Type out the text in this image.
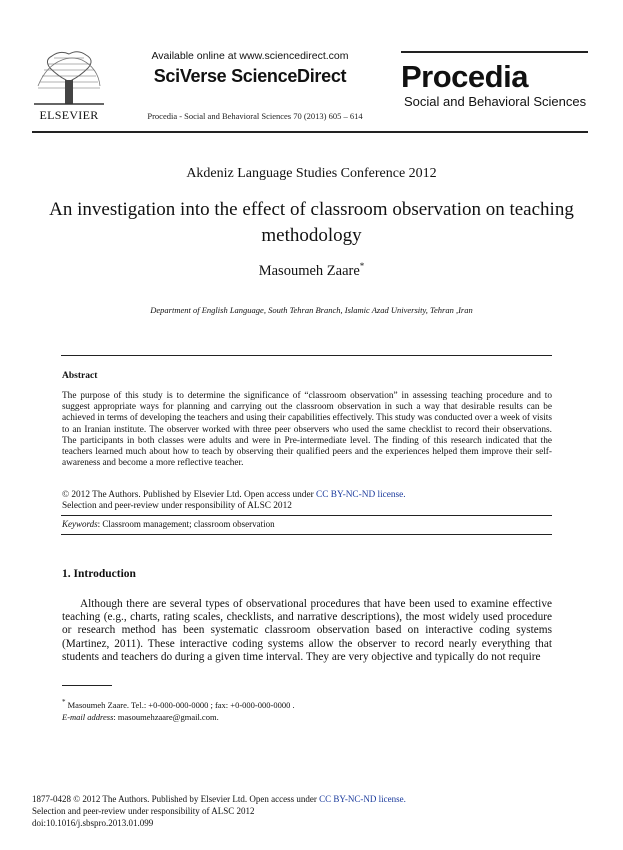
ELSEVIER
Available online at www.sciencedirect.com
SciVerse ScienceDirect
Procedia - Social and Behavioral Sciences 70 (2013) 605 – 614
Procedia
Social and Behavioral Sciences
Akdeniz Language Studies Conference 2012
An investigation into the effect of classroom observation on teaching methodology
Masoumeh Zaare*
Department of English Language, South Tehran Branch, Islamic Azad University, Tehran ,Iran
Abstract
The purpose of this study is to determine the significance of “classroom observation” in assessing teaching procedure and to suggest appropriate ways for planning and carrying out the classroom observation in such a way that desirable results can be achieved in terms of developing the teachers and using their capabilities effectively. This study was conducted over a week of visits to an Iranian institute. The observer worked with three peer observers who used the same checklist to record their observations. The participants in both classes were adults and were in Pre-intermediate level. The finding of this research indicated that the teachers learned much about how to teach by observing their qualified peers and the experiences helped them improve their self- awareness and become a more reflective teacher.
© 2012 The Authors. Published by Elsevier Ltd. Open access under CC BY-NC-ND license.
Selection and peer-review under responsibility of ALSC 2012
Keywords: Classroom management; classroom observation
1. Introduction

Although there are several types of observational procedures that have been used to examine effective teaching (e.g., charts, rating scales, checklists, and narrative descriptions), the most widely used procedure or research method has been systematic classroom observation based on interactive coding systems (Martinez, 2011). These interactive coding systems allow the observer to record nearly everything that students and teachers do during a given time interval. They are very objective and typically do not require

* Masoumeh Zaare. Tel.: +0-000-000-0000 ; fax: +0-000-000-0000 .
E-mail address: masoumehzaare@gmail.com.
1877-0428 © 2012 The Authors. Published by Elsevier Ltd. Open access under CC BY-NC-ND license.
Selection and peer-review under responsibility of ALSC 2012
doi:10.1016/j.sbspro.2013.01.099
